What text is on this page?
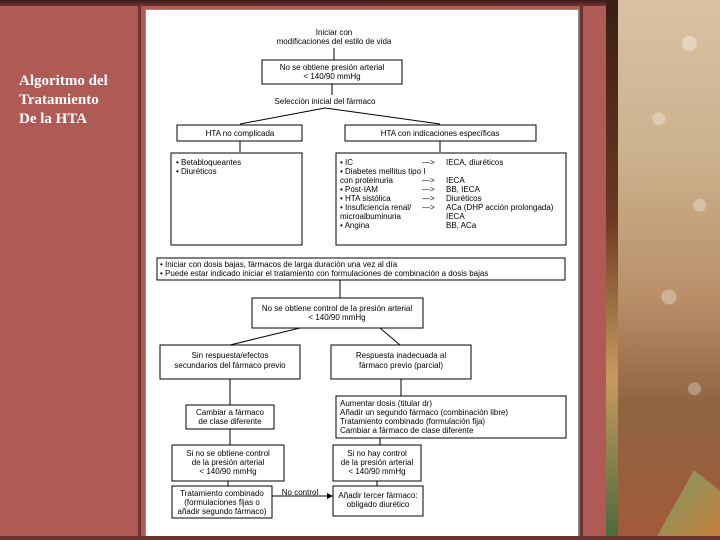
Algoritmo del
Tratamiento
De la HTA
Iniciar con
modificaciones del estilo de vida
No se obtiene presión arterial
< 140/90 mmHg
Selección inicial del fármaco
HTA no complicada	HTA con indicaciones específicas
• Betabloqueantes
• Diuréticos
• IC
• Diabetes mellitus tipo I
con proteinuria
• Post-IAM
• HTA sistólica
• Insuficiencia renal/
microalbuminuria
• Angina
—>
—>
—>
—>
—>
IECA, diuréticos
IECA
BB, IECA
Diuréticos
ACa (DHP acción prolongada)
IECA
BB, ACa
• Iniciar con dosis bajas, fármacos de larga duración una vez al día
• Puede estar indicado iniciar el tratamiento con formulaciones de combinación a dosis bajas
No se obtiene control de la presión arterial
< 140/90 mmHg
Sin respuesta/efectos
secundarios del fármaco previo
Respuesta inadecuada al
fármaco previo (parcial)
Cambiar a fármaco
de clase diferente
Aumentar dosis (titular dr)
Añadir un segundo fármaco (combinación libre)
Tratamiento combinado (formulación fija)
Cambiar a fármaco de clase diferente
Si no se obtiene control
de la presión arterial
< 140/90 mmHg
Si no hay control
de la presión arterial
< 140/90 mmHg
Tratamiento combinado
(formulaciones fijas o
añadir segundo fármaco)
No control	Añadir tercer fármaco:
obligado diurético
